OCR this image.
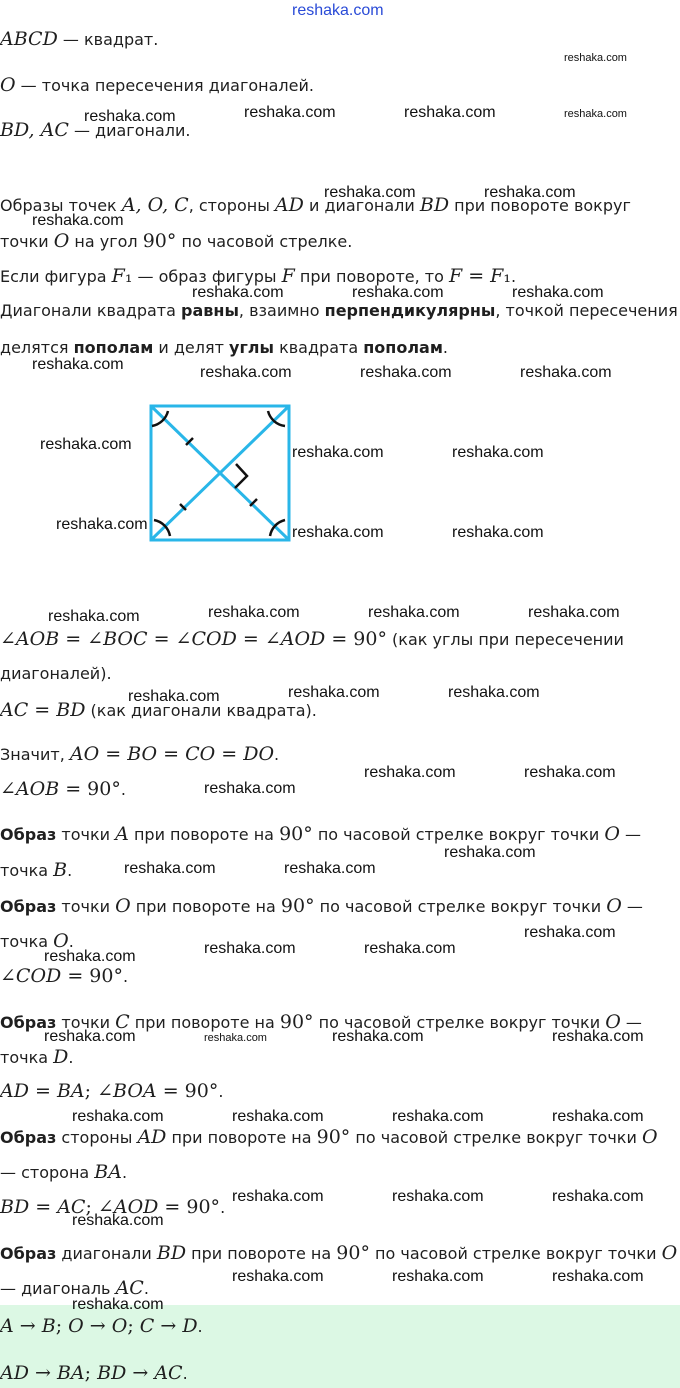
reshaka.com
ABCD — квадрат.
O — точка пересечения диагоналей.
BD, AC — диагонали.
Образы точек A, O, C, стороны AD и диагонали BD при повороте вокруг
точки O на угол 90° по часовой стрелке.
Если фигура F₁ — образ фигуры F при повороте, то F = F₁.
Диагонали квадрата равны, взаимно перпендикулярны, точкой пересечения
делятся пополам и делят углы квадрата пополам.
∠AOB = ∠BOC = ∠COD = ∠AOD = 90° (как углы при пересечении
диагоналей).
AC = BD (как диагонали квадрата).
Значит, AO = BO = CO = DO.
∠AOB = 90°.
Образ точки A при повороте на 90° по часовой стрелке вокруг точки O —
точка B.
Образ точки O при повороте на 90° по часовой стрелке вокруг точки O —
точка O.
∠COD = 90°.
Образ точки C при повороте на 90° по часовой стрелке вокруг точки O —
точка D.
AD = BA; ∠BOA = 90°.
Образ стороны AD при повороте на 90° по часовой стрелке вокруг точки O
— сторона BA.
BD = AC; ∠AOD = 90°.
Образ диагонали BD при повороте на 90° по часовой стрелке вокруг точки O
— диагональ AC.
A → B; O → O; C → D.
AD → BA; BD → AC.
reshaka.com
reshaka.com	reshaka.com	reshaka.com	reshaka.com
reshaka.com	reshaka.com
reshaka.com
reshaka.com	reshaka.com	reshaka.com
reshaka.com	reshaka.com	reshaka.com	reshaka.com
reshaka.com	reshaka.com	reshaka.com
reshaka.com	reshaka.com	reshaka.com
reshaka.com	reshaka.com	reshaka.com	reshaka.com
reshaka.com	reshaka.com	reshaka.com
reshaka.com	reshaka.com
reshaka.com
reshaka.com
reshaka.com	reshaka.com
reshaka.com
reshaka.com	reshaka.com
reshaka.com
reshaka.com	reshaka.com	reshaka.com	reshaka.com
reshaka.com	reshaka.com	reshaka.com	reshaka.com
reshaka.com	reshaka.com	reshaka.com
reshaka.com
reshaka.com	reshaka.com	reshaka.com
reshaka.com
